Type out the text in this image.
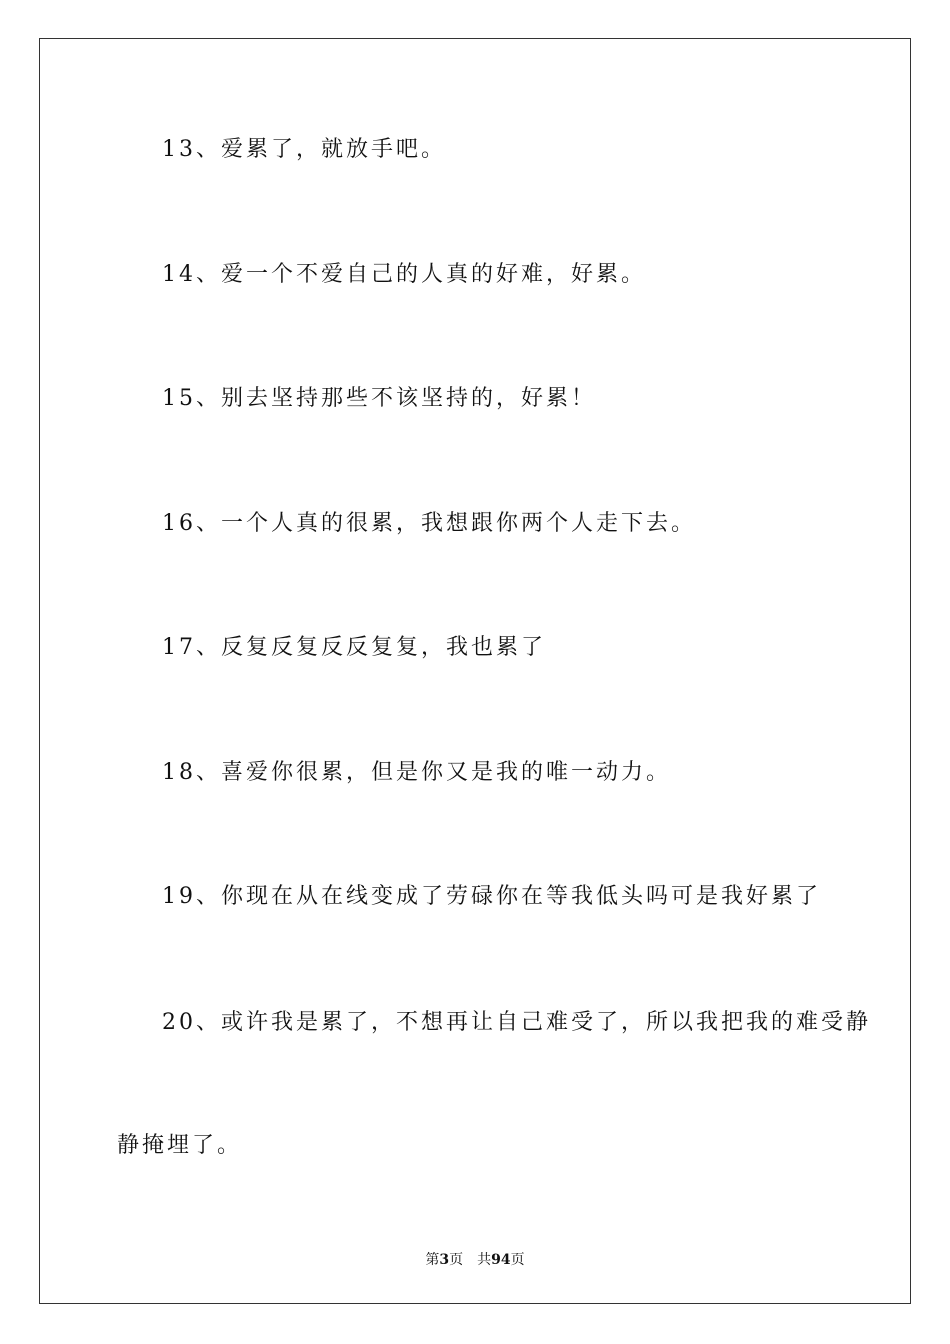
13、爱累了，就放手吧。
14、爱一个不爱自己的人真的好难，好累。
15、别去坚持那些不该坚持的，好累！
16、一个人真的很累，我想跟你两个人走下去。
17、反复反复反反复复，我也累了
18、喜爱你很累，但是你又是我的唯一动力。
19、你现在从在线变成了劳碌你在等我低头吗可是我好累了
20、或许我是累了，不想再让自己难受了，所以我把我的难受静
静掩埋了。
第3页 共94页
